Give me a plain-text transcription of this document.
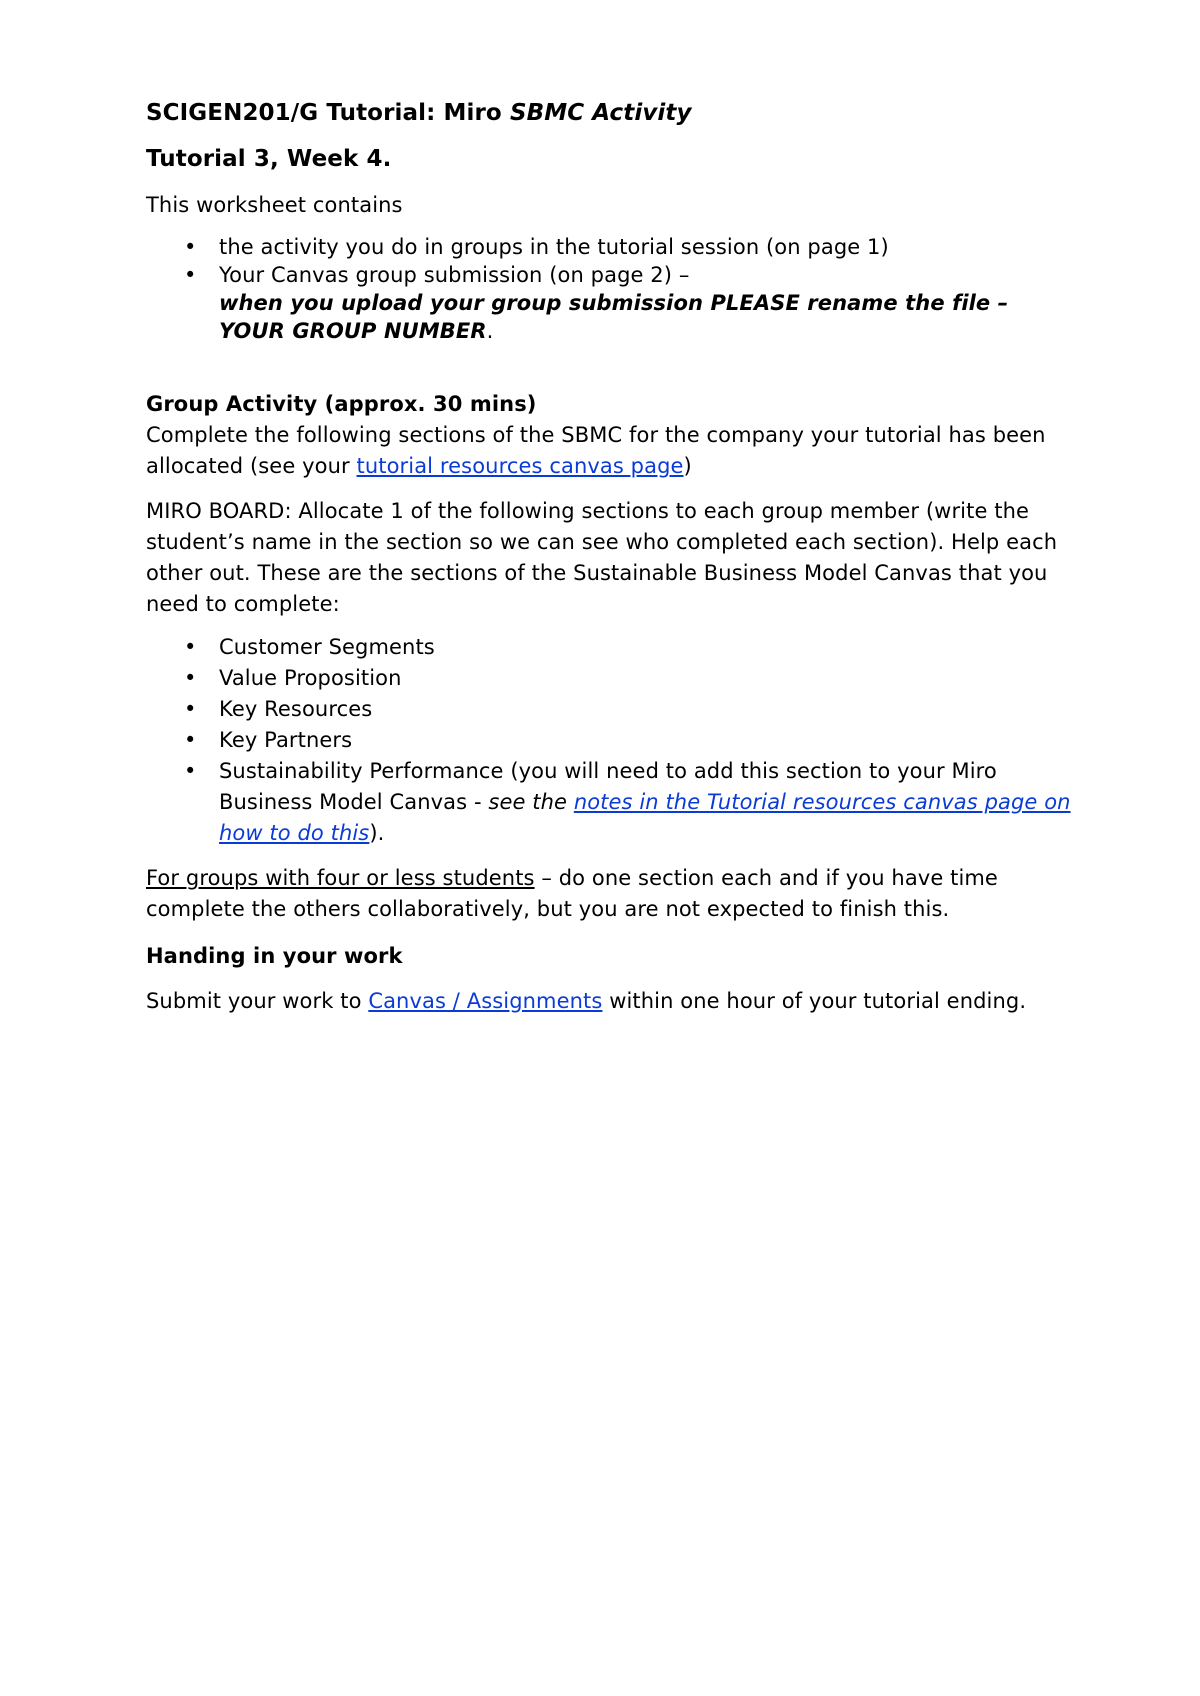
SCIGEN201/G Tutorial: Miro SBMC Activity
Tutorial 3, Week 4.

This worksheet contains

• the activity you do in groups in the tutorial session (on page 1)
• Your Canvas group submission (on page 2) –
when you upload your group submission PLEASE rename the file – YOUR GROUP NUMBER.

Group Activity (approx. 30 mins)

Complete the following sections of the SBMC for the company your tutorial has been allocated (see your tutorial resources canvas page)

MIRO BOARD: Allocate 1 of the following sections to each group member (write the student’s name in the section so we can see who completed each section). Help each other out. These are the sections of the Sustainable Business Model Canvas that you need to complete:

• Customer Segments
• Value Proposition
• Key Resources
• Key Partners
• Sustainability Performance (you will need to add this section to your Miro Business Model Canvas - see the notes in the Tutorial resources canvas page on how to do this).

For groups with four or less students – do one section each and if you have time complete the others collaboratively, but you are not expected to finish this.

Handing in your work

Submit your work to Canvas / Assignments within one hour of your tutorial ending.
